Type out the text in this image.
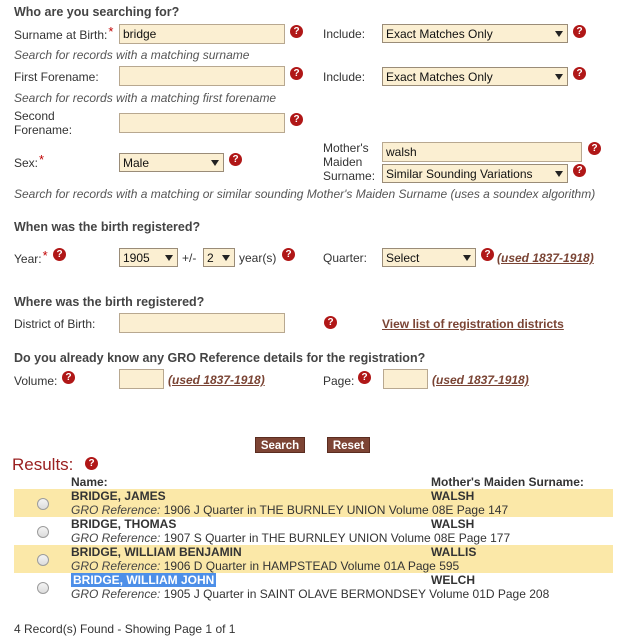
Who are you searching for?
Surname at Birth:* bridge	? Include:	Exact Matches Only	?
Search for records with a matching surname
First Forename:	? Include:	Exact Matches Only	?
Search for records with a matching first forename
Second
Forename:
?
Sex:*	Male	?
Mother's
Maiden
Surname:
walsh	?
Similar Sounding Variations	?
Search for records with a matching or similar sounding Mother's Maiden Surname (uses a soundex algorithm)
When was the birth registered?
Year:* ?	1905	+/- 2	year(s) ?	Quarter:	Select	? (used 1837-1918)
Where was the birth registered?
District of Birth:	?	View list of registration districts
Do you already know any GRO Reference details for the registration?
Volume: ?	(used 1837-1918)	Page: ?	(used 1837-1918)
Search	Reset
Results:	?
Name:	Mother's Maiden Surname:
BRIDGE, JAMES	WALSH
GRO Reference: 1906 J Quarter in THE BURNLEY UNION Volume 08E Page 147
BRIDGE, THOMAS	WALSH
GRO Reference: 1907 S Quarter in THE BURNLEY UNION Volume 08E Page 177
BRIDGE, WILLIAM BENJAMIN	WALLIS
GRO Reference: 1906 D Quarter in HAMPSTEAD Volume 01A Page 595
BRIDGE, WILLIAM JOHN	WELCH
GRO Reference: 1905 J Quarter in SAINT OLAVE BERMONDSEY Volume 01D Page 208
4 Record(s) Found - Showing Page 1 of 1
